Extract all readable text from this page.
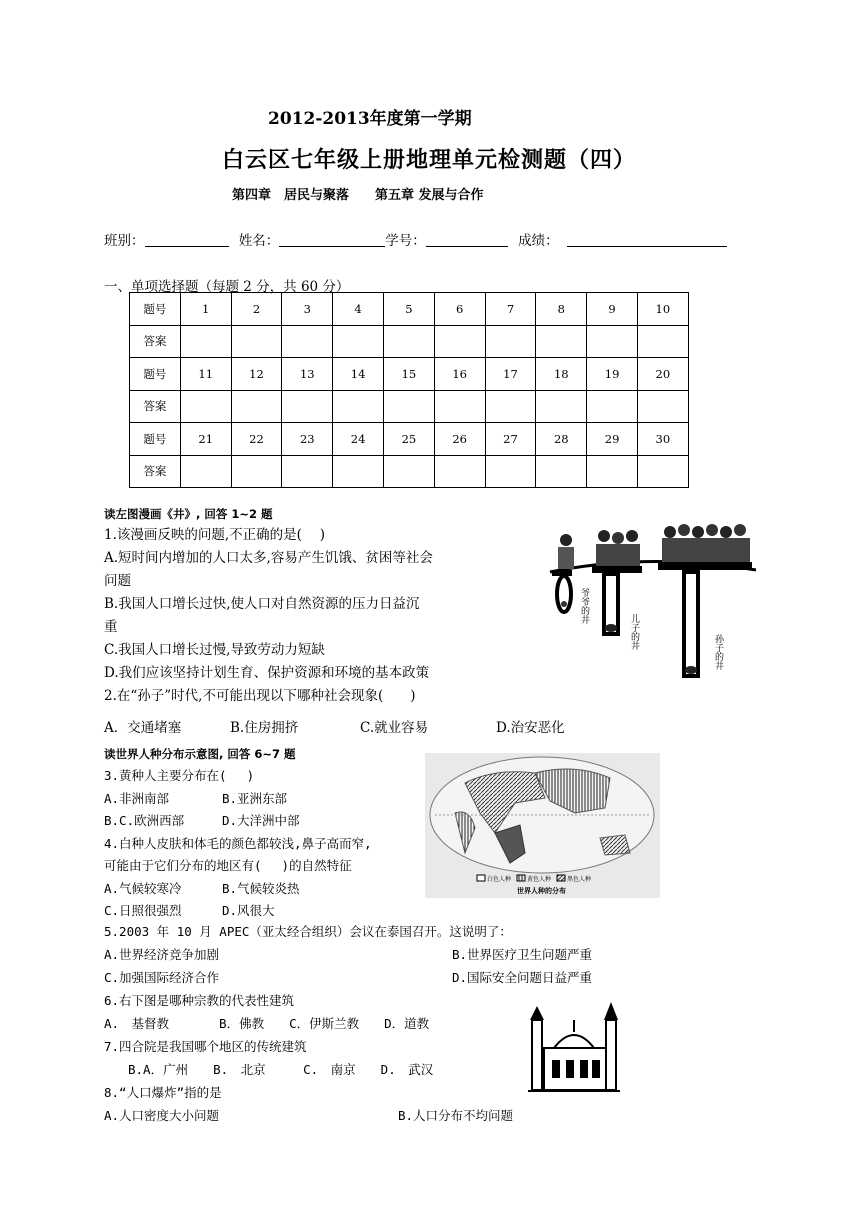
2012-2013年度第一学期
白云区七年级上册地理单元检测题（四）
第四章　居民与聚落　　第五章 发展与合作
班别：	姓名：	学号：	成绩：
一、单项选择题（每题 2 分，共 60 分）
题号	1	2	3	4	5	6	7	8	9	10
答案										
题号	11	12	13	14	15	16	17	18	19	20
答案										
题号	21	22	23	24	25	26	27	28	29	30
答案										
读左图漫画《井》, 回答 1~2 题
1.该漫画反映的问题,不正确的是(　 )
A.短时间内增加的人口太多,容易产生饥饿、贫困等社会
问题
B.我国人口增长过快,使人口对自然资源的压力日益沉
重
C.我国人口增长过慢,导致劳动力短缺
D.我们应该坚持计划生育、保护资源和环境的基本政策
2.在“孙子”时代,不可能出现以下哪种社会现象(　　)
A．交通堵塞	B.住房拥挤	C.就业容易	D.治安恶化
爷爷的井
儿子的井
孙子的井
读世界人种分布示意图, 回答 6~7 题
3.黄种人主要分布在(　 )
A.非洲南部	B.亚洲东部
B.C.欧洲西部	D.大洋洲中部
4.白种人皮肤和体毛的颜色都较浅,鼻子高而窄,
可能由于它们分布的地区有(　 )的自然特征
A.气候较寒冷	B.气候较炎热
C.日照很强烈	D.风很大
白色人种	黄色人种	黑色人种
世界人种的分布
5.2003 年 10 月 APEC（亚太经合组织）会议在泰国召开。这说明了：
A.世界经济竞争加剧	B.世界医疗卫生问题严重
C.加强国际经济合作	D.国际安全问题日益严重
6.右下图是哪种宗教的代表性建筑
A.　基督教　　　　B．佛教　　C．伊斯兰教　　D．道教
7.四合院是我国哪个地区的传统建筑
B.A．广州　　B.　北京　　　C.　南京　　D.　武汉
8.“人口爆炸”指的是
A.人口密度大小问题	B.人口分布不均问题
